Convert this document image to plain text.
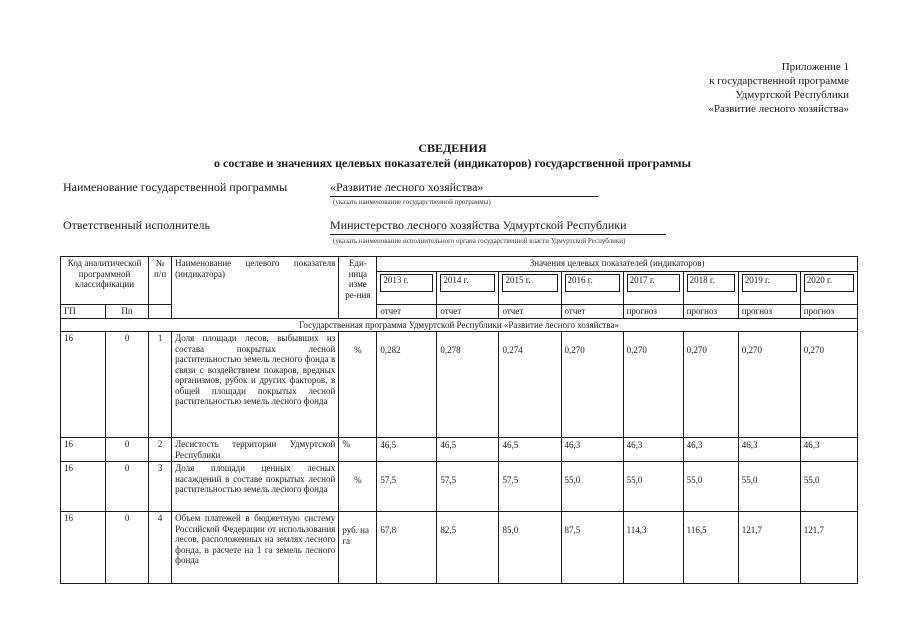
Приложение 1
к государственной программе
Удмуртской Республики
«Развитие лесного хозяйства»
СВЕДЕНИЯ
о составе и значениях целевых показателей (индикаторов) государственной программы
Наименование государственной программы	«Развитие лесного хозяйства»
(указать наименование государственной программы)
Ответственный исполнитель	Министерство лесного хозяйства Удмуртской Республики
(указать наименование исполнительного органа государственной власти Удмуртской Республики)
Код аналитической программной классификации		№ п/п	Наименование целевого показателя (индикатора)	Еди-ница изме ре-ния	Значения целевых показателей (индикаторов)							

					2013 г.	2014 г.	2015 г.	2016 г.	2017 г.	2018 г.	2019 г.	2020 г.

ГП	Пп				отчет	отчет	отчет	отчет	прогноз	прогноз	прогноз	прогноз
Государственная программа Удмуртской Республики «Развитие лесного хозяйства»												
16	0	1	Доля площади лесов, выбывших из состава покрытых лесной растительностью земель лесного фонда в связи с воздействием пожаров, вредных организмов, рубок и других факторов, в общей площади покрытых лесной растительностью земель лесного фонда	%	0,282	0,278	0,274	0,270	0,270	0,270	0,270	0,270
16	0	2	Лесистость территории Удмуртской Республики	%	46,5	46,5	46,5	46,3	46,3	46,3	46,3	46,3
16	0	3	Доля площади ценных лесных насаждений в составе покрытых лесной растительностью земель лесного фонда	%	57,5	57,5	57,5	55,0	55,0	55,0	55,0	55,0
16	0	4	Объем платежей в бюджетную систему Российской Федерации от использования лесов, расположенных на землях лесного фонда, в расчете на 1 га земель лесного фонда	руб. на га	67,8	82,5	85,0	87,5	114,3	116,5	121,7	121,7
